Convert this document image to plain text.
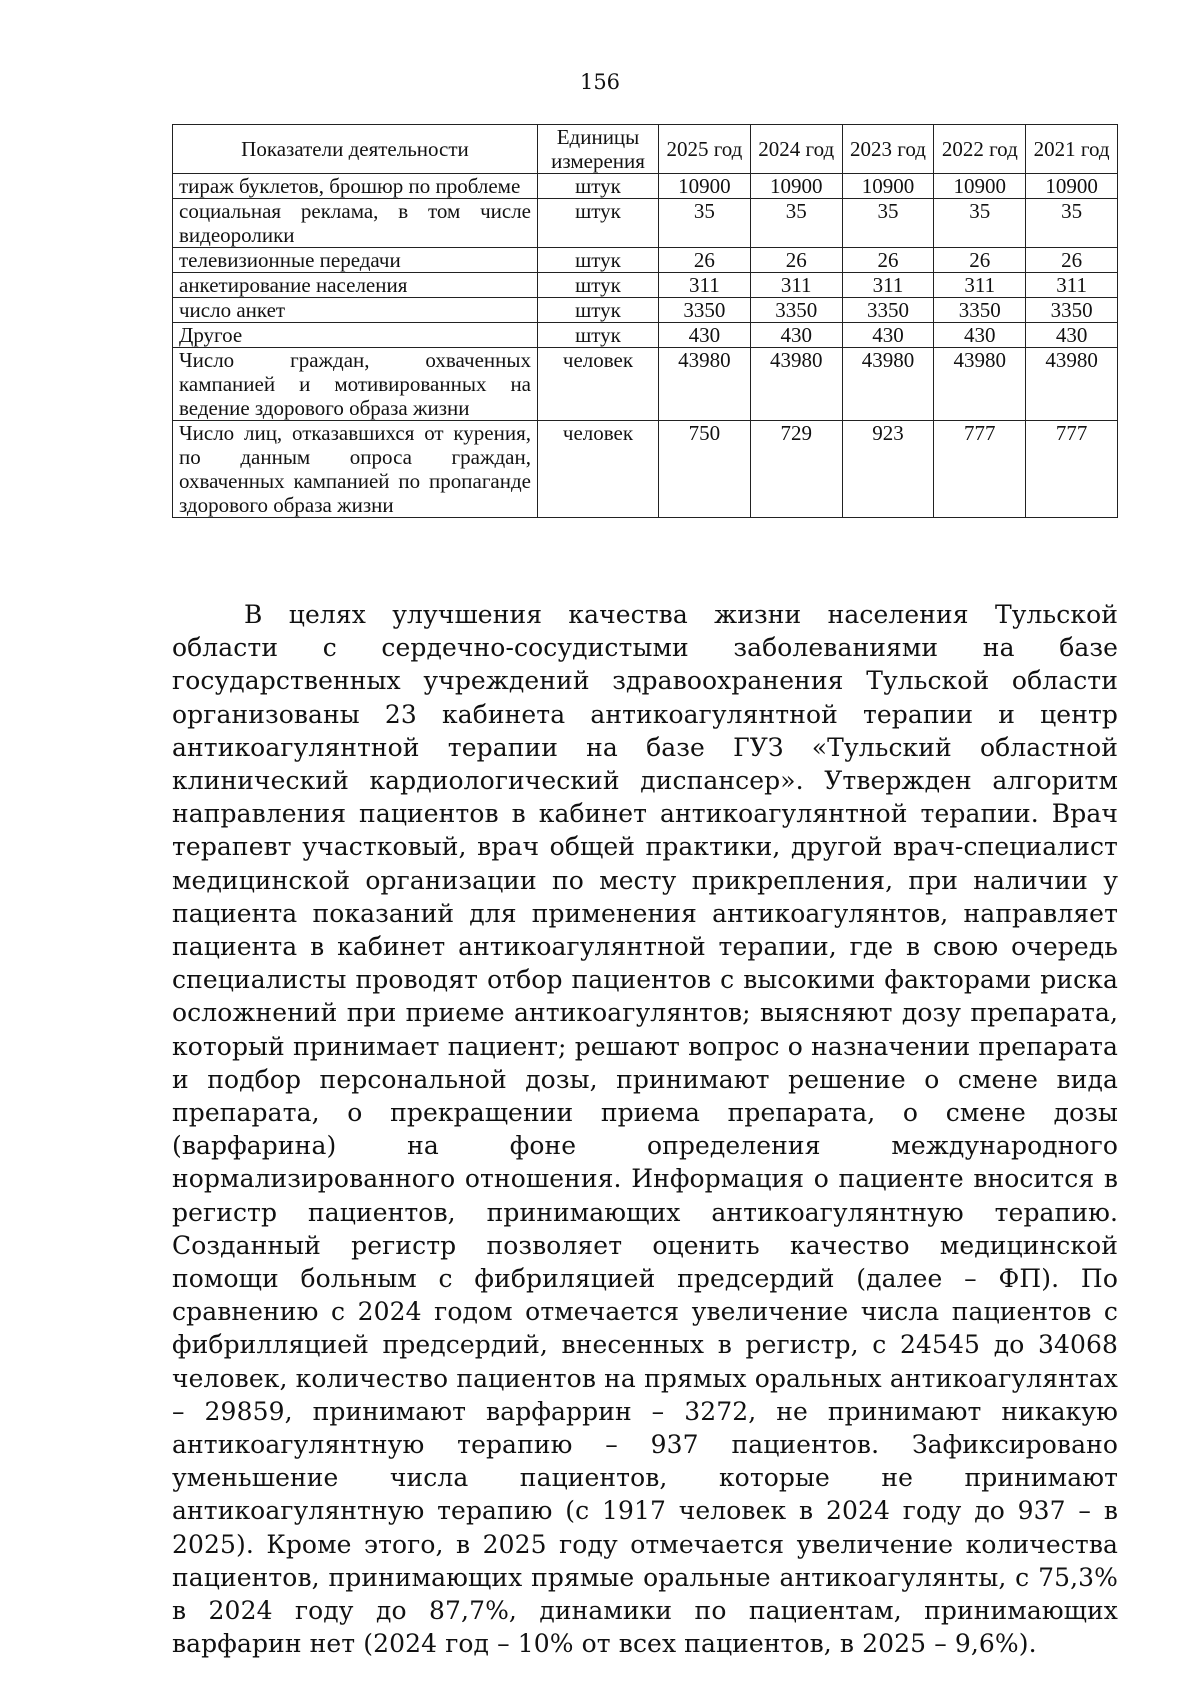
156
Показатели деятельности	Единицы измерения	2025 год	2024 год	2023 год	2022 год	2021 год
тираж буклетов, брошюр по проблеме	штук	10900	10900	10900	10900	10900
социальная реклама, в том числе видеоролики	штук	35	35	35	35	35
телевизионные передачи	штук	26	26	26	26	26
анкетирование населения	штук	311	311	311	311	311
число анкет	штук	3350	3350	3350	3350	3350
Другое	штук	430	430	430	430	430
Число граждан, охваченных кампанией и мотивированных на ведение здорового образа жизни	человек	43980	43980	43980	43980	43980
Число лиц, отказавшихся от курения, по данным опроса граждан, охваченных кампанией по пропаганде здорового образа жизни	человек	750	729	923	777	777

В целях улучшения качества жизни населения Тульской области с сердечно-сосудистыми заболеваниями на базе государственных учреждений здравоохранения Тульской области организованы 23 кабинета антикоагулянтной терапии и центр антикоагулянтной терапии на базе ГУЗ «Тульский областной клинический кардиологический диспансер». Утвержден алгоритм направления пациентов в кабинет антикоагулянтной терапии. Врач терапевт участковый, врач общей практики, другой врач-специалист медицинской организации по месту прикрепления, при наличии у пациента показаний для применения антикоагулянтов, направляет пациента в кабинет антикоагулянтной терапии, где в свою очередь специалисты проводят отбор пациентов с высокими факторами риска осложнений при приеме антикоагулянтов; выясняют дозу препарата, который принимает пациент; решают вопрос о назначении препарата и подбор персональной дозы, принимают решение о смене вида препарата, о прекращении приема препарата, о смене дозы (варфарина) на фоне определения международного нормализированного отношения. Информация о пациенте вносится в регистр пациентов, принимающих антикоагулянтную терапию. Созданный регистр позволяет оценить качество медицинской помощи больным с фибриляцией предсердий (далее – ФП). По сравнению с 2024 годом отмечается увеличение числа пациентов с фибрилляцией предсердий, внесенных в регистр, с 24545 до 34068 человек, количество пациентов на прямых оральных антикоагулянтах – 29859, принимают варфаррин – 3272, не принимают никакую антикоагулянтную терапию – 937 пациентов. Зафиксировано уменьшение числа пациентов, которые не принимают антикоагулянтную терапию (с 1917 человек в 2024 году до 937 – в 2025). Кроме этого, в 2025 году отмечается увеличение количества пациентов, принимающих прямые оральные антикоагулянты, с 75,3% в 2024 году до 87,7%, динамики по пациентам, принимающих варфарин нет (2024 год – 10% от всех пациентов, в 2025 – 9,6%).
